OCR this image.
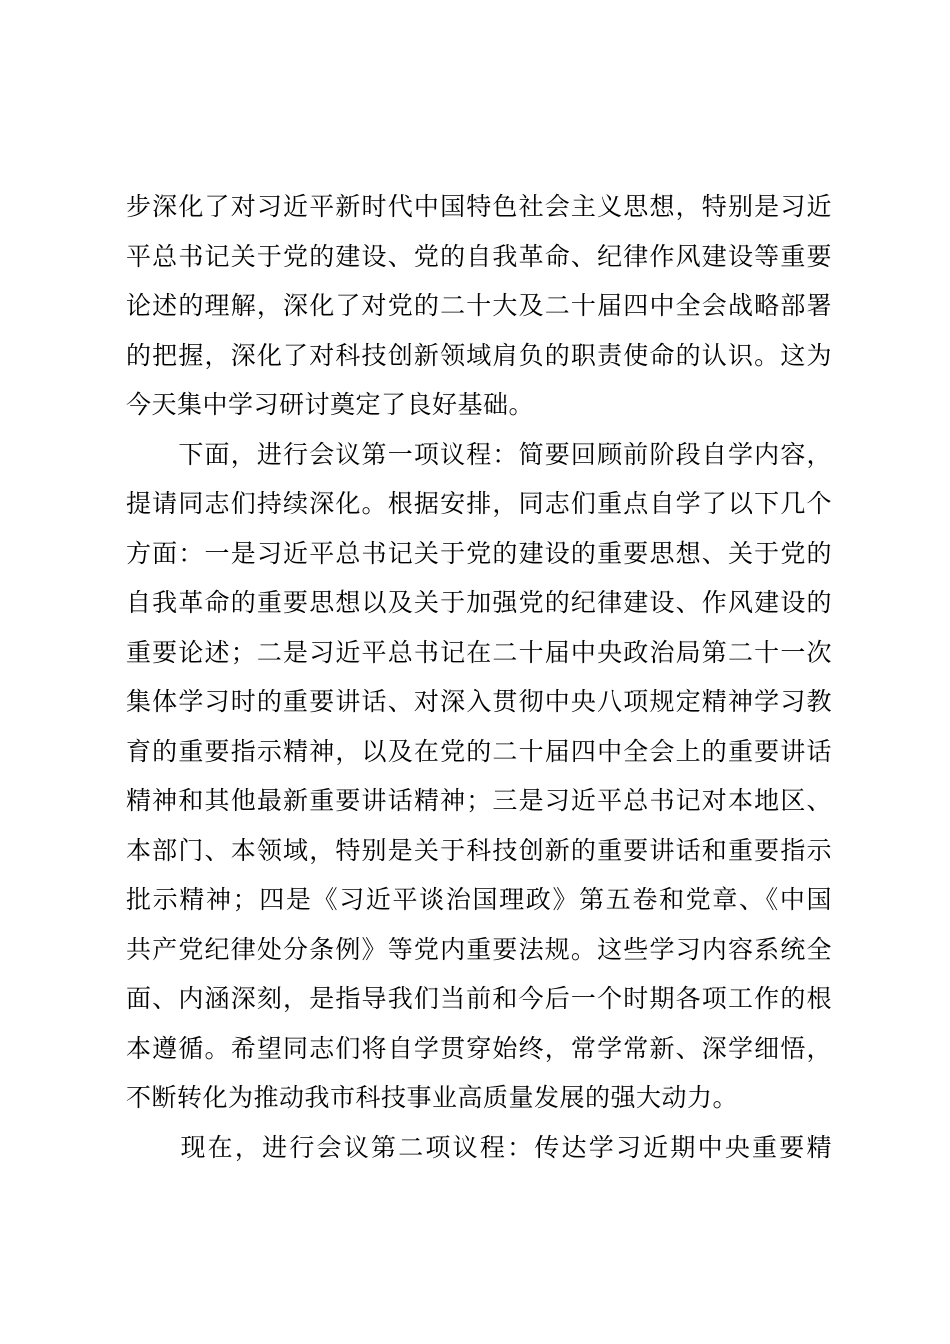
步深化了对习近平新时代中国特色社会主义思想，特别是习近
平总书记关于党的建设、党的自我革命、纪律作风建设等重要
论述的理解，深化了对党的二十大及二十届四中全会战略部署
的把握，深化了对科技创新领域肩负的职责使命的认识。这为
今天集中学习研讨奠定了良好基础。
　　下面，进行会议第一项议程：简要回顾前阶段自学内容，
提请同志们持续深化。根据安排，同志们重点自学了以下几个
方面：一是习近平总书记关于党的建设的重要思想、关于党的
自我革命的重要思想以及关于加强党的纪律建设、作风建设的
重要论述；二是习近平总书记在二十届中央政治局第二十一次
集体学习时的重要讲话、对深入贯彻中央八项规定精神学习教
育的重要指示精神，以及在党的二十届四中全会上的重要讲话
精神和其他最新重要讲话精神；三是习近平总书记对本地区、
本部门、本领域，特别是关于科技创新的重要讲话和重要指示
批示精神；四是《习近平谈治国理政》第五卷和党章、《中国
共产党纪律处分条例》等党内重要法规。这些学习内容系统全
面、内涵深刻，是指导我们当前和今后一个时期各项工作的根
本遵循。希望同志们将自学贯穿始终，常学常新、深学细悟，
不断转化为推动我市科技事业高质量发展的强大动力。
　　现在，进行会议第二项议程：传达学习近期中央重要精
